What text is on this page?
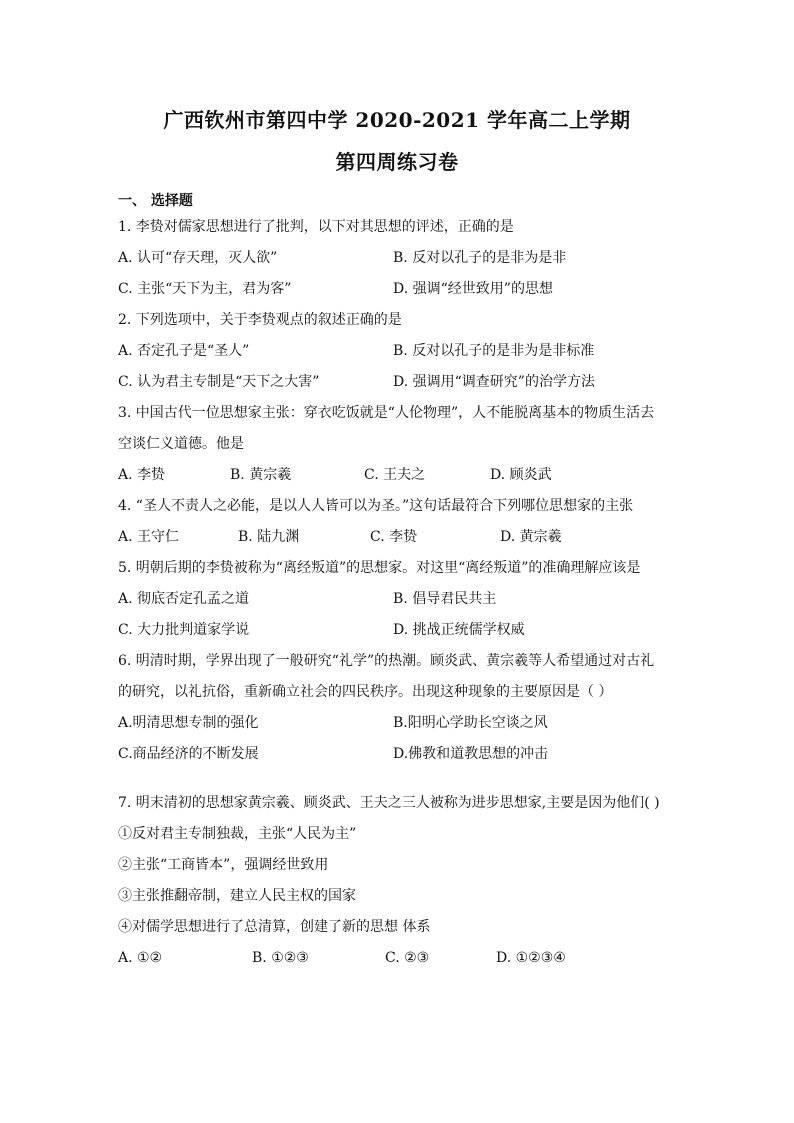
广西钦州市第四中学 2020-2021 学年高二上学期
第四周练习卷
一、 选择题
1. 李贽对儒家思想进行了批判，以下对其思想的评述，正确的是
A. 认可“存天理，灭人欲”	B. 反对以孔子的是非为是非
C. 主张“天下为主，君为客”	D. 强调“经世致用”的思想
2. 下列选项中，关于李贽观点的叙述正确的是
A. 否定孔子是“圣人”	B. 反对以孔子的是非为是非标准
C. 认为君主专制是“天下之大害”	D. 强调用“调查研究”的治学方法
3. 中国古代一位思想家主张：穿衣吃饭就是“人伦物理”，人不能脱离基本的物质生活去
空谈仁义道德。他是
A. 李贽	B. 黄宗羲	C. 王夫之	D. 顾炎武
4. “圣人不责人之必能，是以人人皆可以为圣。”这句话最符合下列哪位思想家的主张
A. 王守仁	B. 陆九渊	C. 李贽	D. 黄宗羲
5. 明朝后期的李贽被称为“离经叛道”的思想家。对这里“离经叛道”的准确理解应该是
A. 彻底否定孔孟之道	B. 倡导君民共主
C. 大力批判道家学说	D. 挑战正统儒学权威
6. 明清时期，学界出现了一般研究“礼学”的热潮。顾炎武、黄宗羲等人希望通过对古礼
的研究，以礼抗俗，重新确立社会的四民秩序。出现这种现象的主要原因是（ ）
A.明清思想专制的强化	B.阳明心学助长空谈之风
C.商品经济的不断发展	D.佛教和道教思想的冲击
7. 明末清初的思想家黄宗羲、顾炎武、王夫之三人被称为进步思想家,主要是因为他们( )
①反对君主专制独裁，主张“人民为主”
②主张“工商皆本”，强调经世致用
③主张推翻帝制，建立人民主权的国家
④对儒学思想进行了总清算，创建了新的思想 体系
A. ①②	B. ①②③	C. ②③	D. ①②③④
